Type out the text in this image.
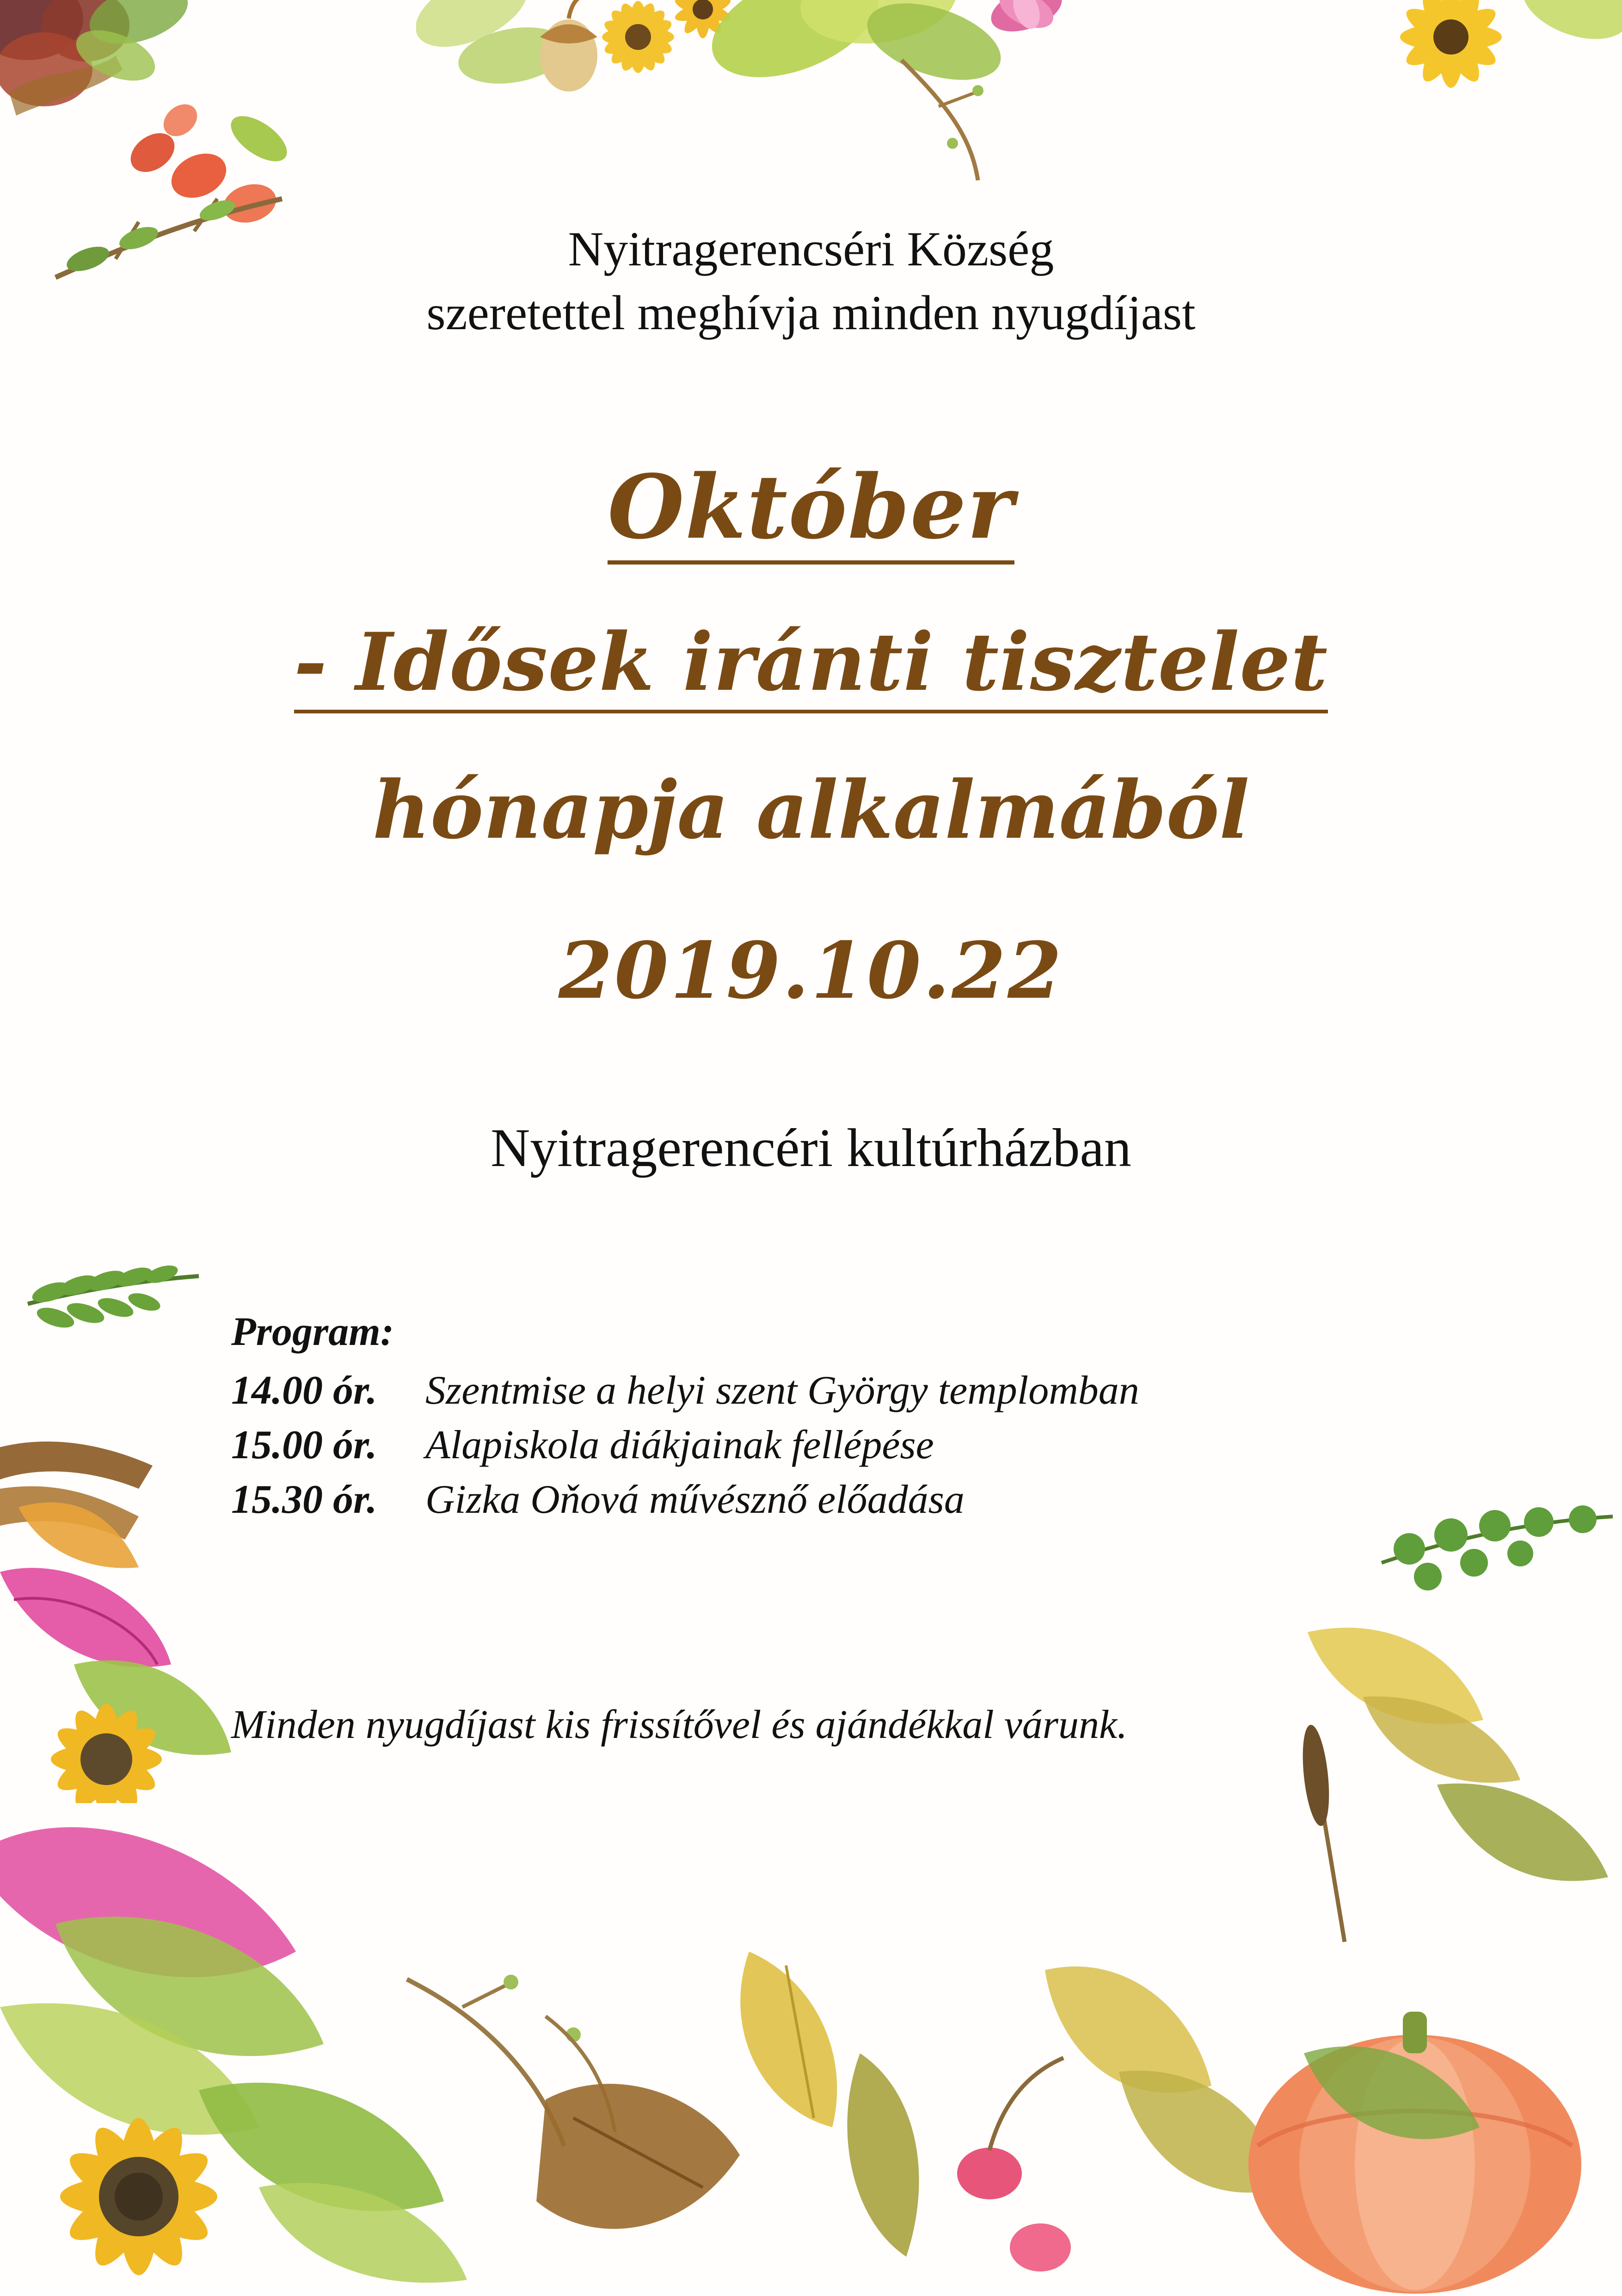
Nyitragerencséri Község
szeretettel meghívja minden nyugdíjast
Október
- Idősek iránti tisztelet
hónapja alkalmából
2019.10.22
Nyitragerencéri kultúrházban
Program:
14.00 ór.	Szentmise a helyi szent György templomban
15.00 ór.	Alapiskola diákjainak fellépése
15.30 ór.	Gizka Oňová művésznő előadása
Minden nyugdíjast kis frissítővel és ajándékkal várunk.
